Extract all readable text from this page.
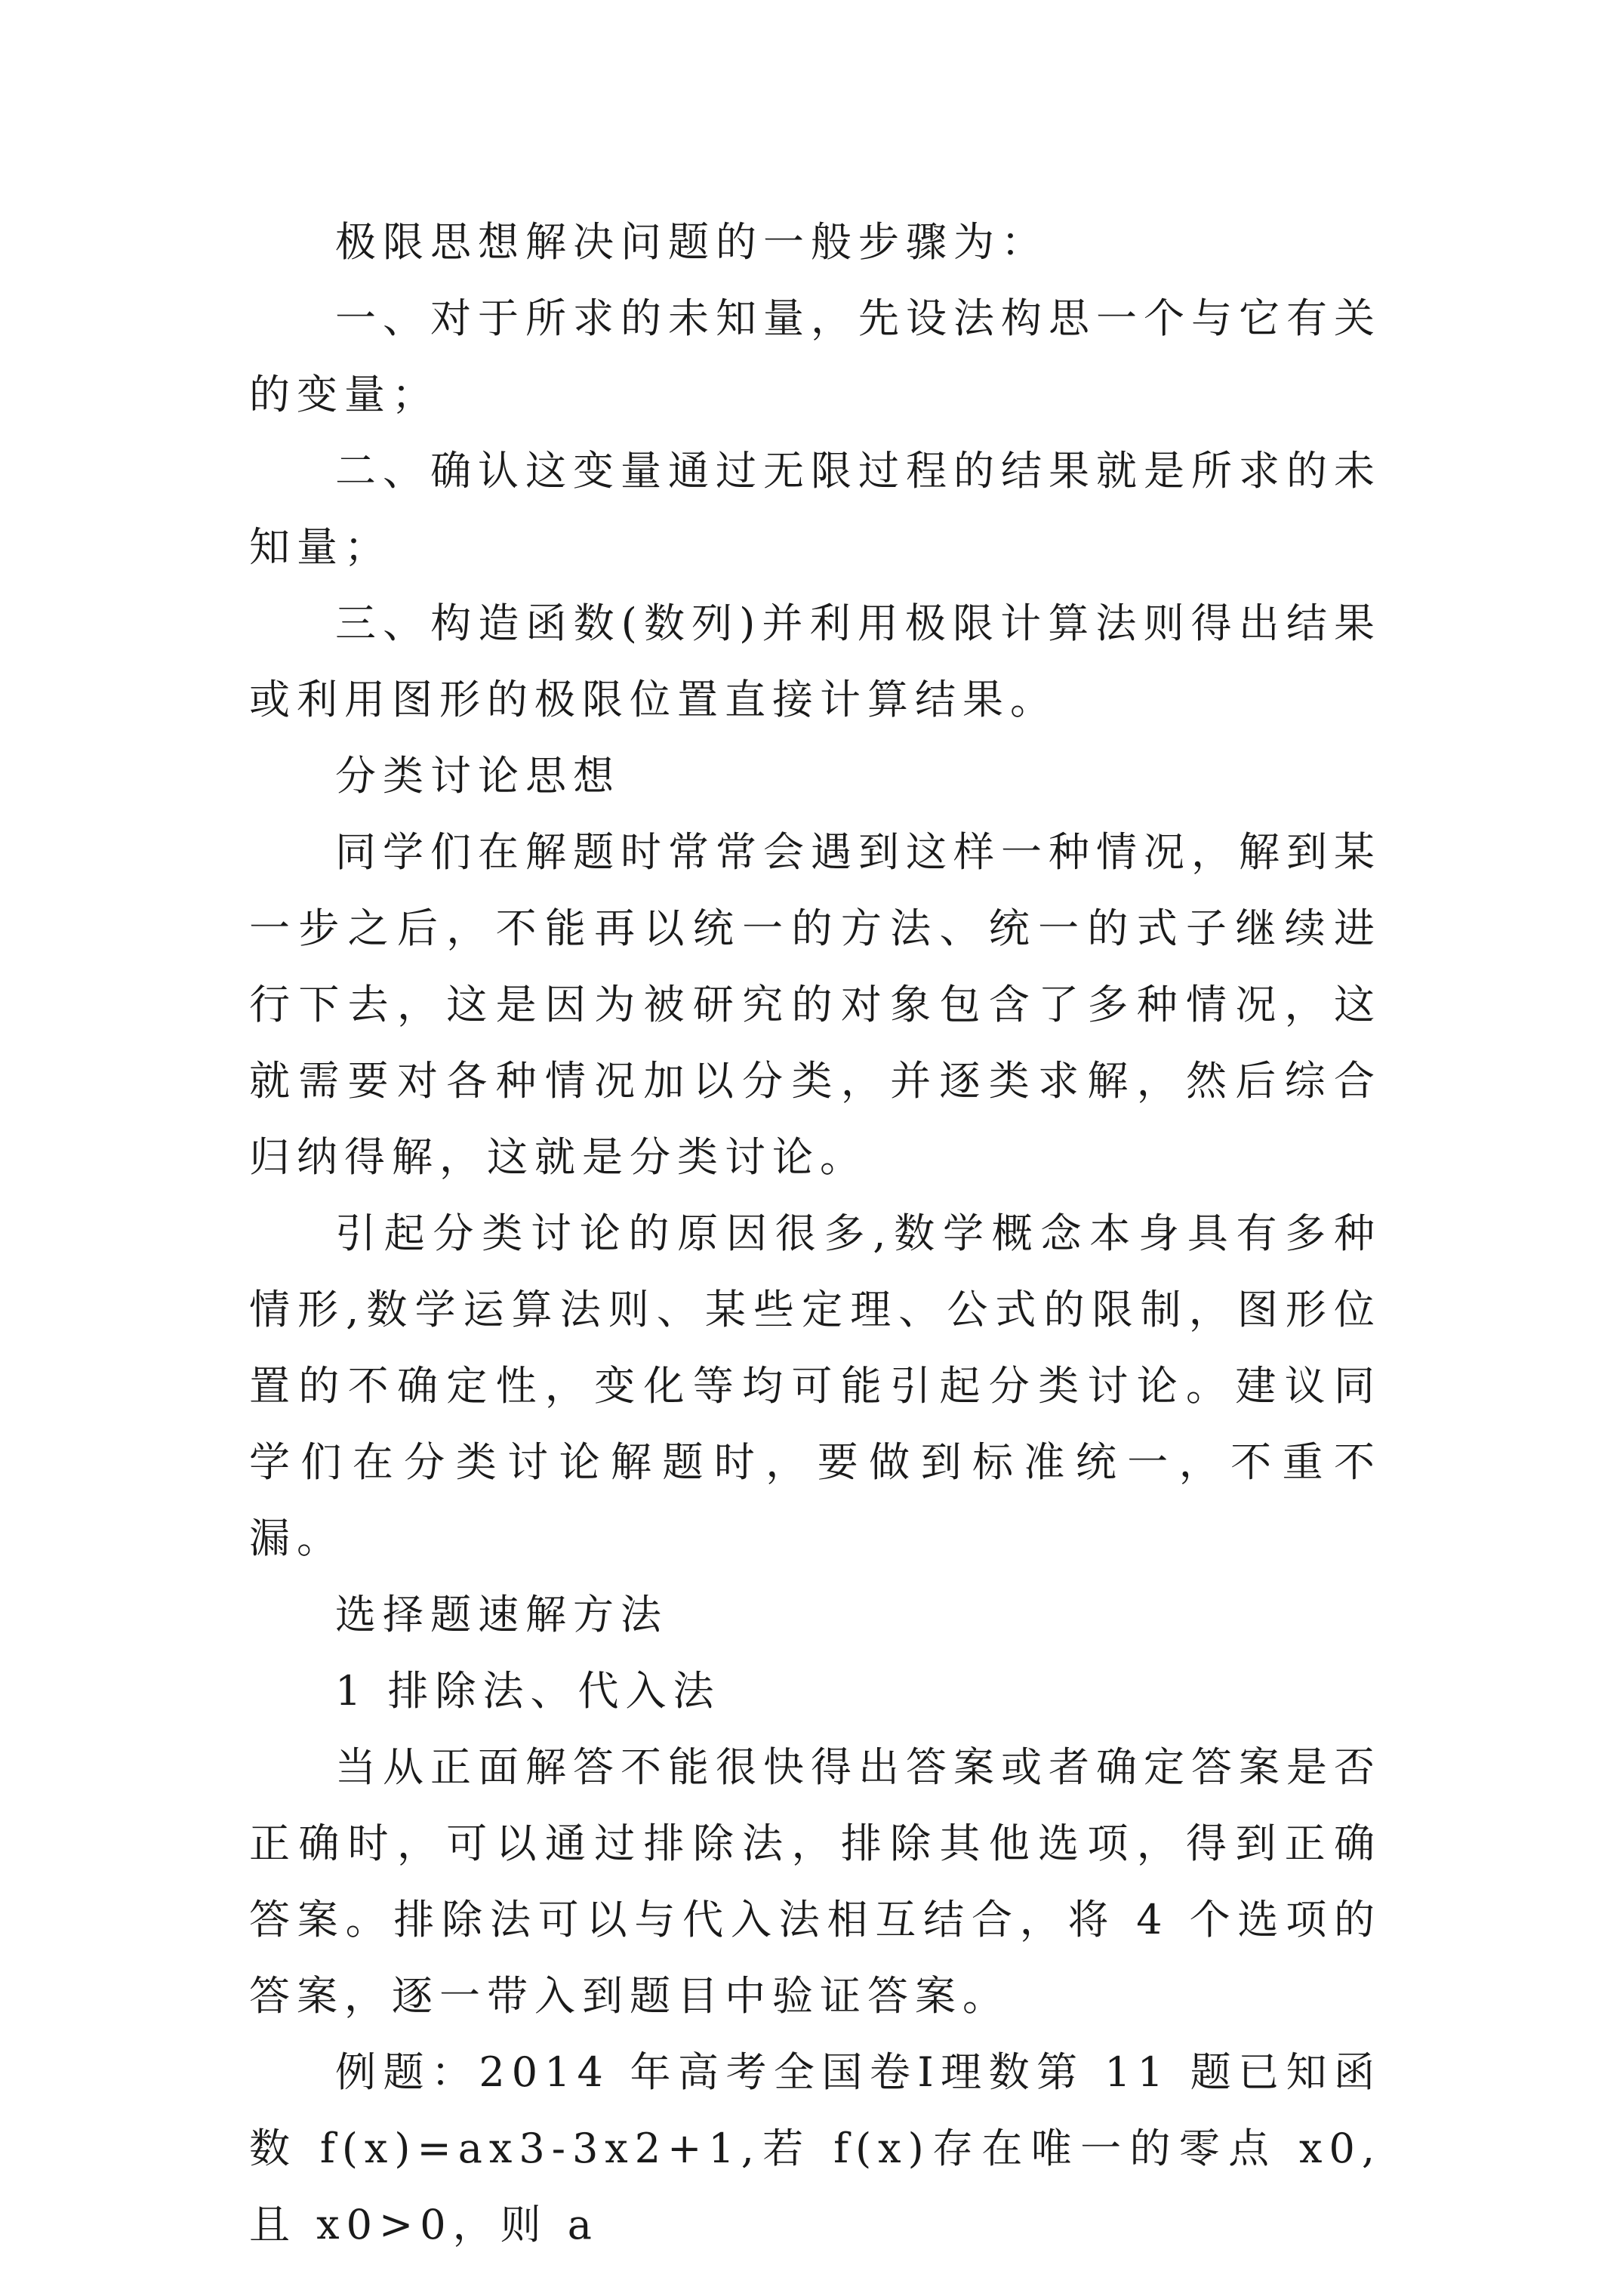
极限思想解决问题的一般步骤为：

一、对于所求的未知量，先设法构思一个与它有关的变量；

二、确认这变量通过无限过程的结果就是所求的未知量；

三、构造函数(数列)并利用极限计算法则得出结果或利用图形的极限位置直接计算结果。

分类讨论思想

同学们在解题时常常会遇到这样一种情况，解到某一步之后，不能再以统一的方法、统一的式子继续进行下去，这是因为被研究的对象包含了多种情况，这就需要对各种情况加以分类，并逐类求解，然后综合归纳得解，这就是分类讨论。

引起分类讨论的原因很多,数学概念本身具有多种情形,数学运算法则、某些定理、公式的限制，图形位置的不确定性，变化等均可能引起分类讨论。建议同学们在分类讨论解题时，要做到标准统一，不重不漏。

选择题速解方法

1 排除法、代入法

当从正面解答不能很快得出答案或者确定答案是否正确时，可以通过排除法，排除其他选项，得到正确答案。排除法可以与代入法相互结合，将 4 个选项的答案，逐一带入到题目中验证答案。

例题：2014 年高考全国卷Ⅰ理数第 11 题已知函数 f(x)=ax3-3x2+1,若 f(x)存在唯一的零点 x0,且 x0>0，则 a
